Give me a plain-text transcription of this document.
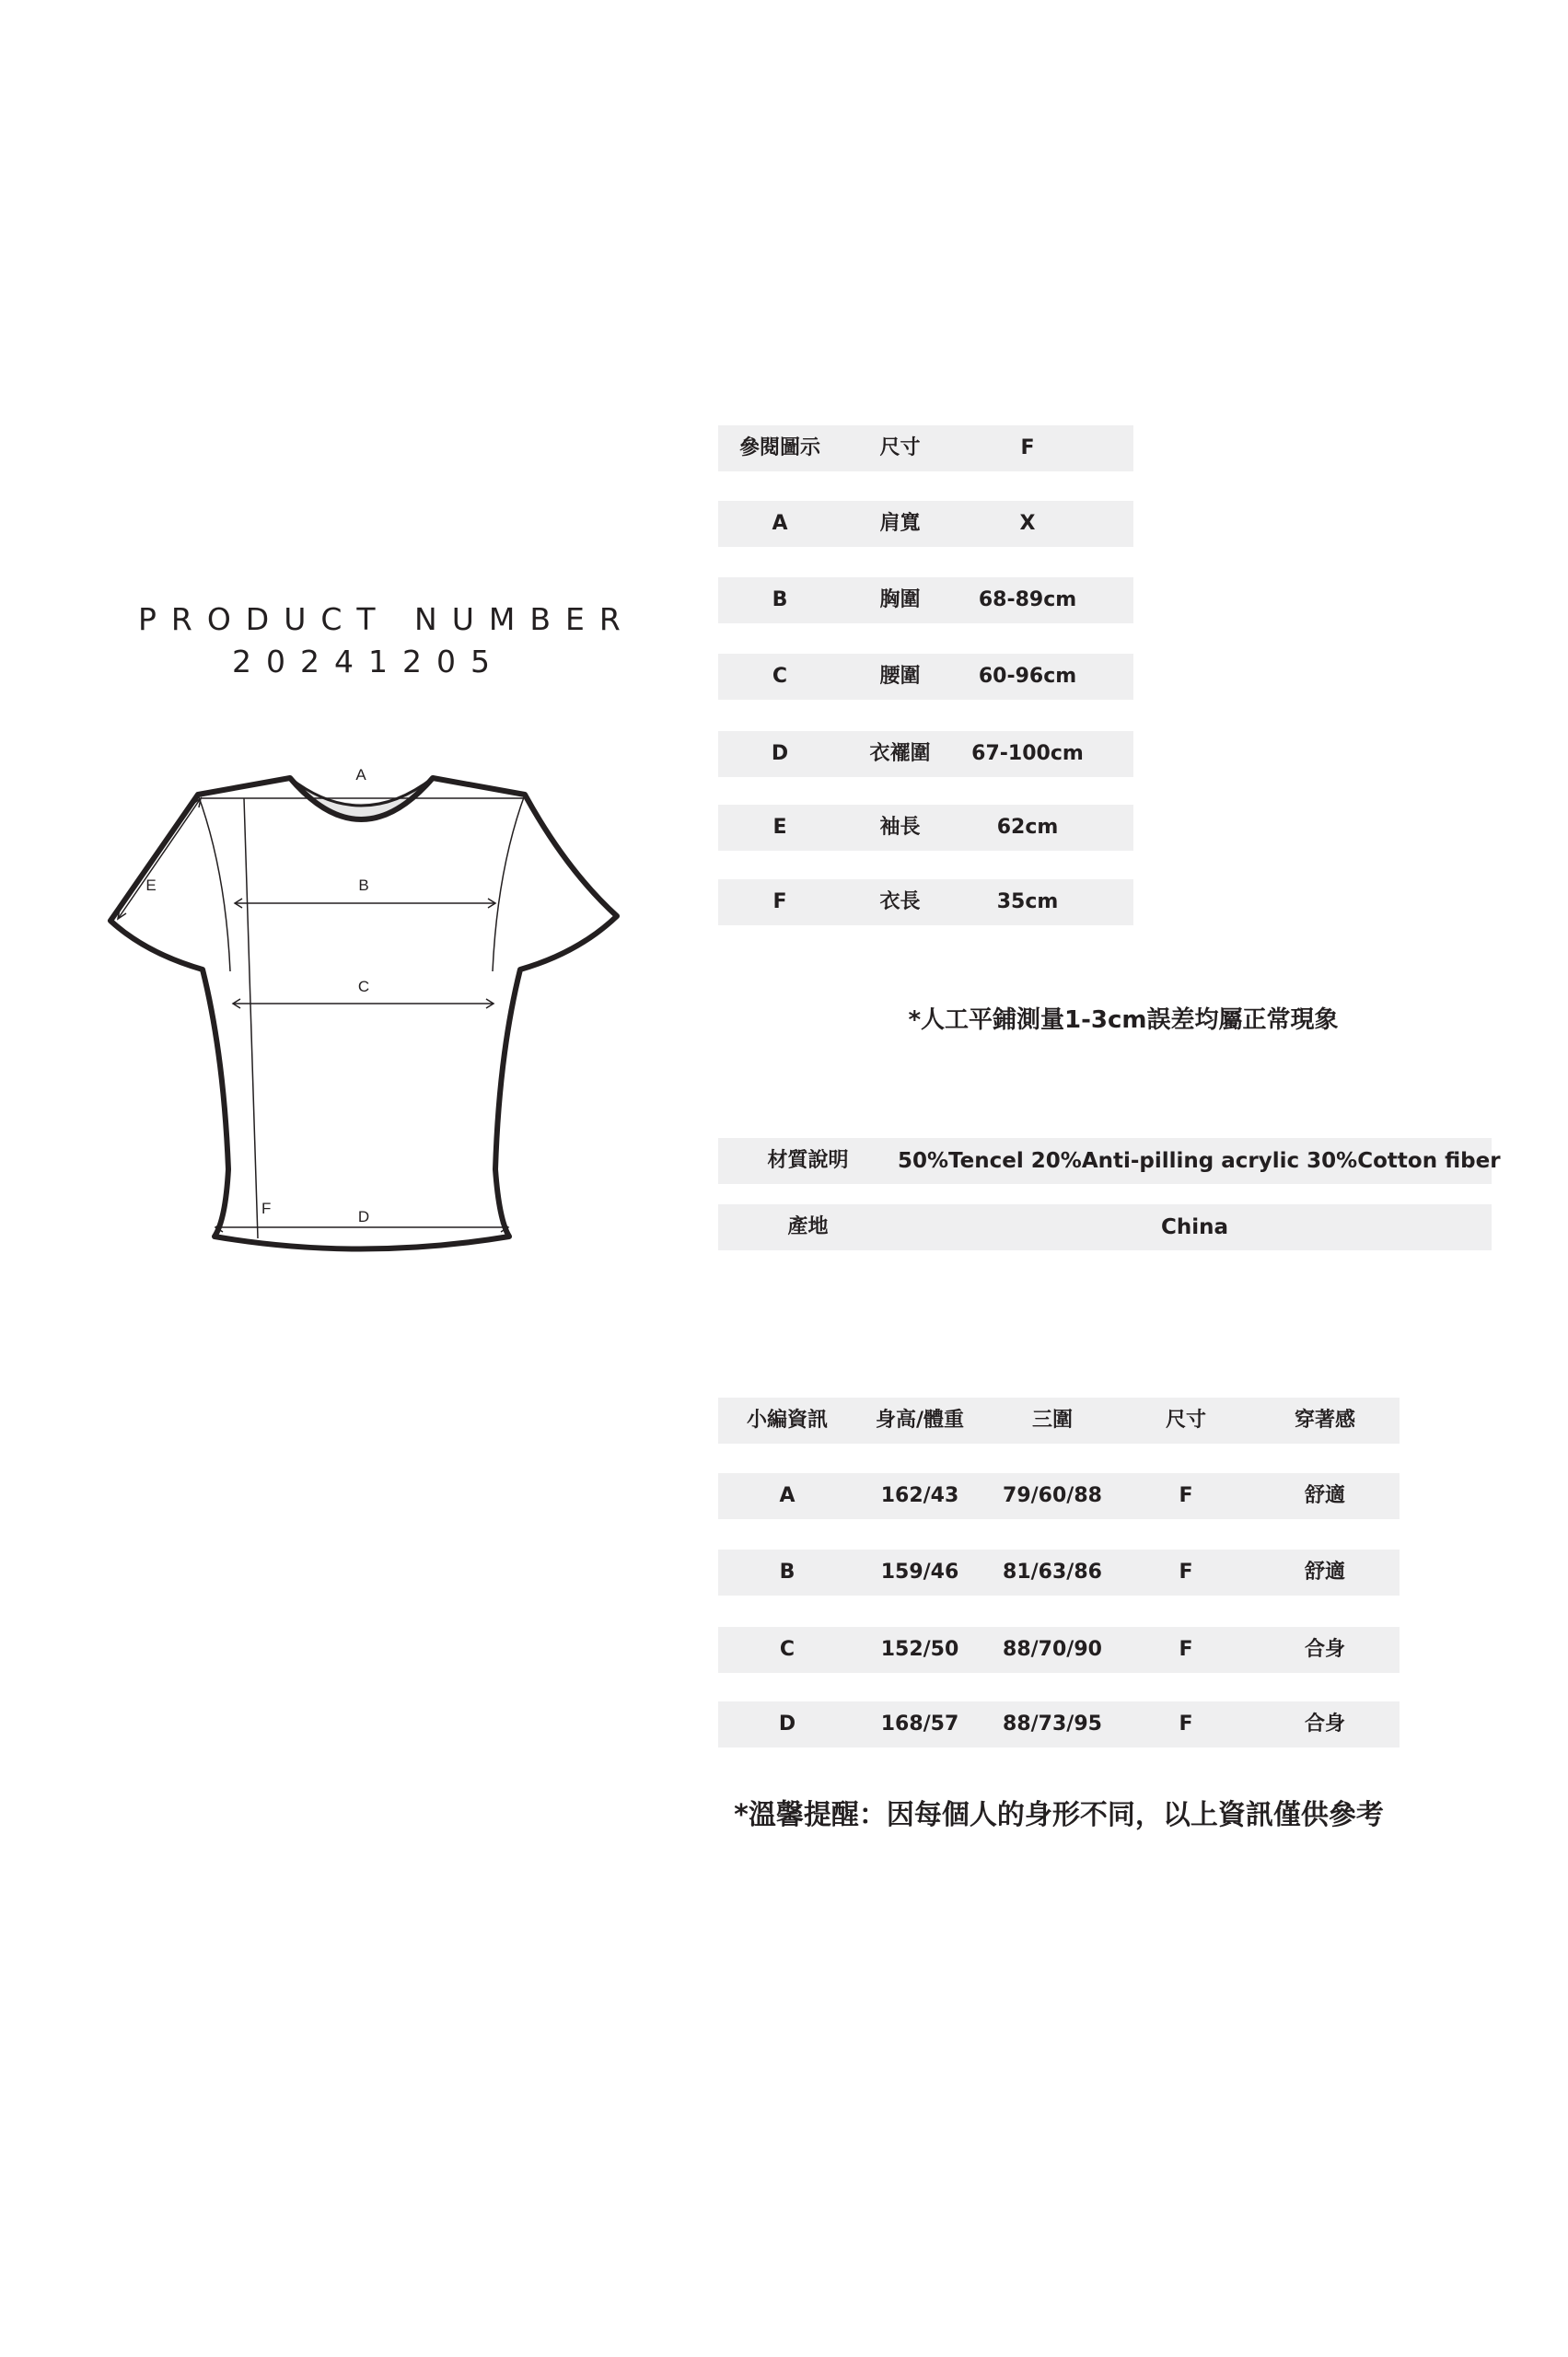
PRODUCT NUMBER
20241205
A
E	B
C
F	D
參閱圖示	尺寸	F
A	肩寬	X
B	胸圍	68-89cm
C	腰圍	60-96cm
D	衣襬圍	67-100cm
E	袖長	62cm
F	衣長	35cm
*人工平鋪測量1-3cm誤差均屬正常現象
材質說明	50%Tencel 20%Anti-pilling acrylic 30%Cotton fiber
產地	China
小編資訊	身高/體重	三圍	尺寸	穿著感
A	162/43	79/60/88	F	舒適
B	159/46	81/63/86	F	舒適
C	152/50	88/70/90	F	合身
D	168/57	88/73/95	F	合身
*溫馨提醒：因每個人的身形不同，以上資訊僅供參考
